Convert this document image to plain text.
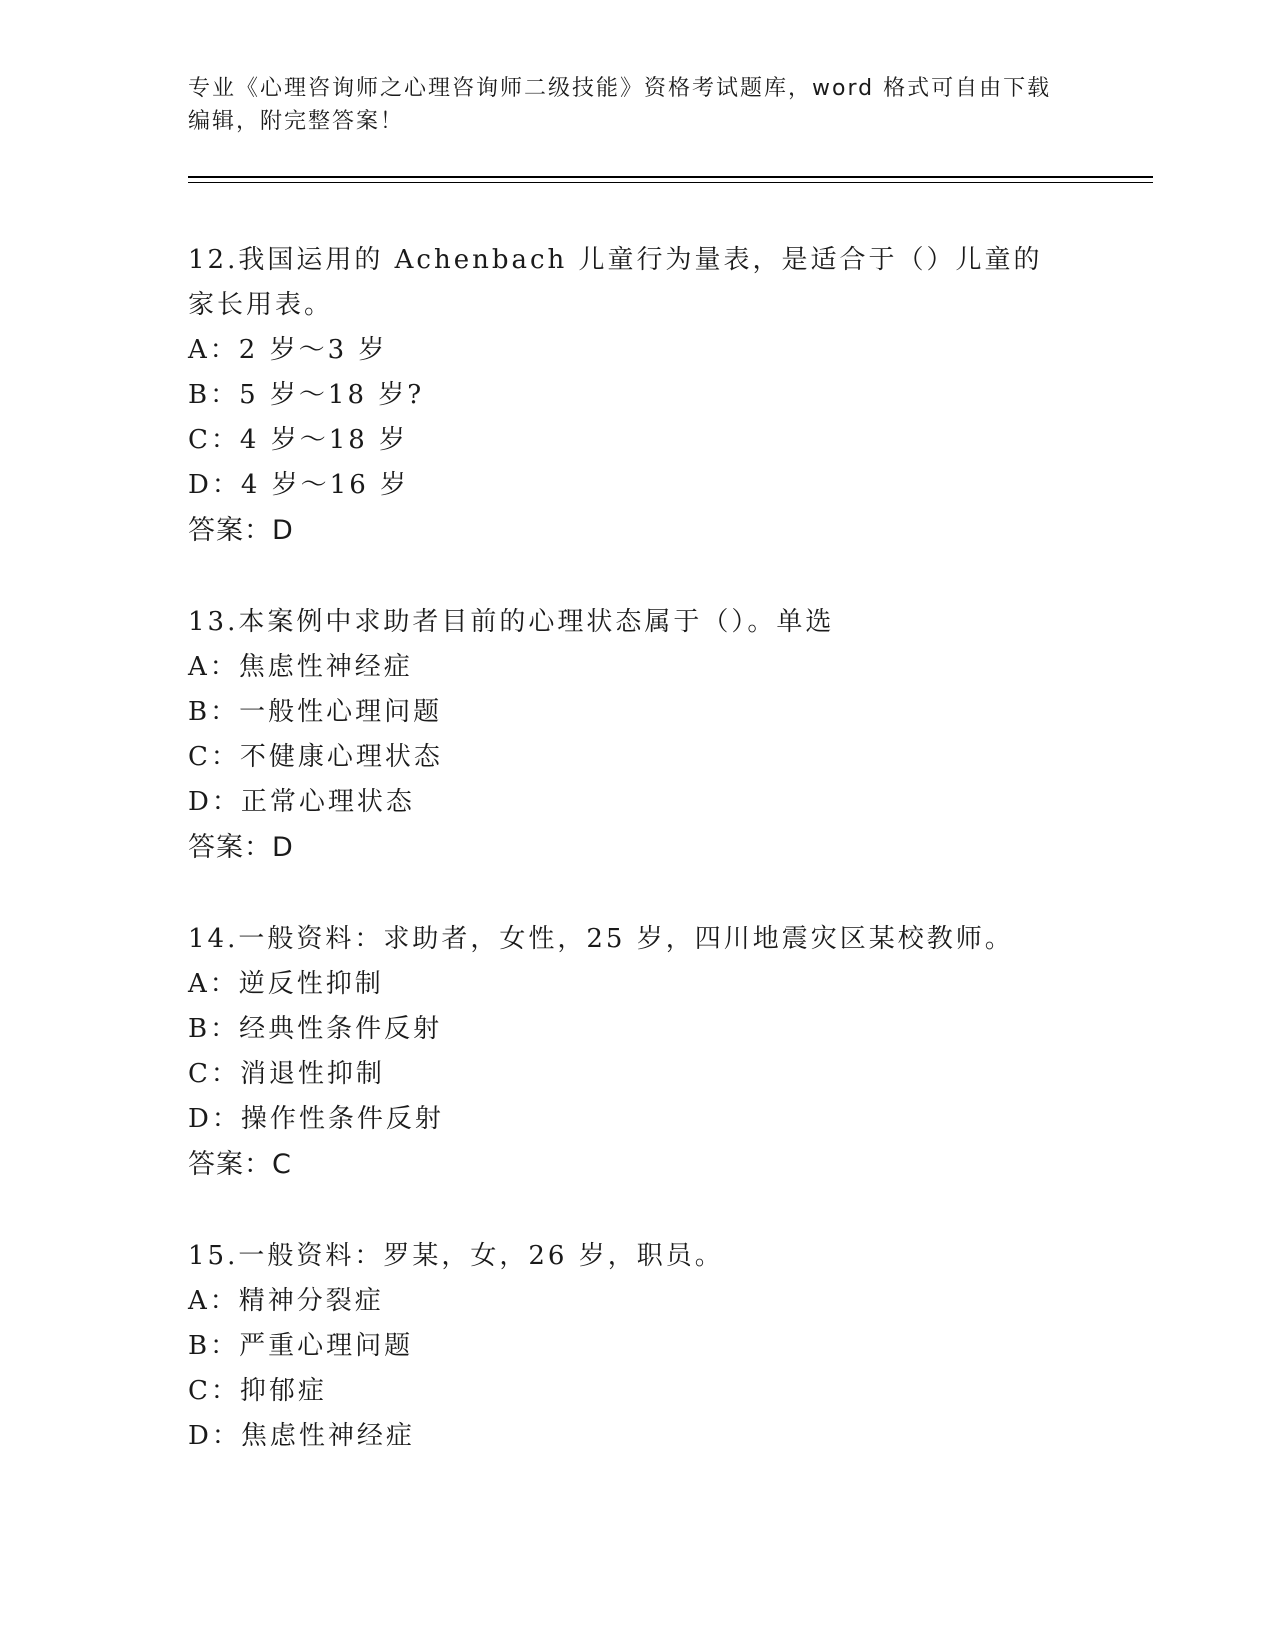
专业《心理咨询师之心理咨询师二级技能》资格考试题库，word 格式可自由下载
编辑，附完整答案！
12.我国运用的 Achenbach 儿童行为量表，是适合于（）儿童的家长用表。
A：2 岁～3 岁
B：5 岁～18 岁?
C：4 岁～18 岁
D：4 岁～16 岁
答案：D
13.本案例中求助者目前的心理状态属于（）。单选
A：焦虑性神经症
B：一般性心理问题
C：不健康心理状态
D：正常心理状态
答案：D
14.一般资料：求助者，女性，25 岁，四川地震灾区某校教师。
A：逆反性抑制
B：经典性条件反射
C：消退性抑制
D：操作性条件反射
答案：C
15.一般资料：罗某，女，26 岁，职员。
A：精神分裂症
B：严重心理问题
C：抑郁症
D：焦虑性神经症
